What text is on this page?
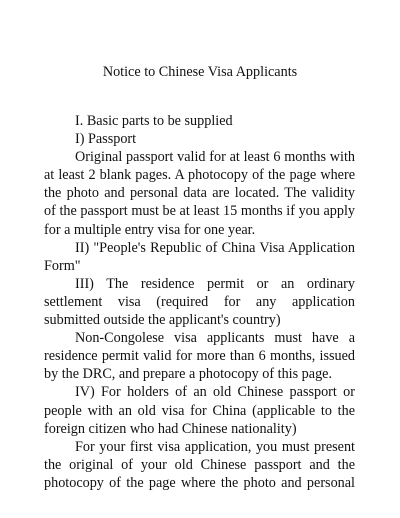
Notice to Chinese Visa Applicants
I. Basic parts to be supplied
I) Passport
Original passport valid for at least 6 months with
at least 2 blank pages. A photocopy of the page where
the photo and personal data are located. The validity
of the passport must be at least 15 months if you apply
for a multiple entry visa for one year.
II) "People's Republic of China Visa Application
Form"
III) The residence permit or an ordinary
settlement visa (required for any application
submitted outside the applicant's country)
Non-Congolese visa applicants must have a
residence permit valid for more than 6 months, issued
by the DRC, and prepare a photocopy of this page.
IV) For holders of an old Chinese passport or
people with an old visa for China (applicable to the
foreign citizen who had Chinese nationality)
For your first visa application, you must present
the original of your old Chinese passport and the
photocopy of the page where the photo and personal
